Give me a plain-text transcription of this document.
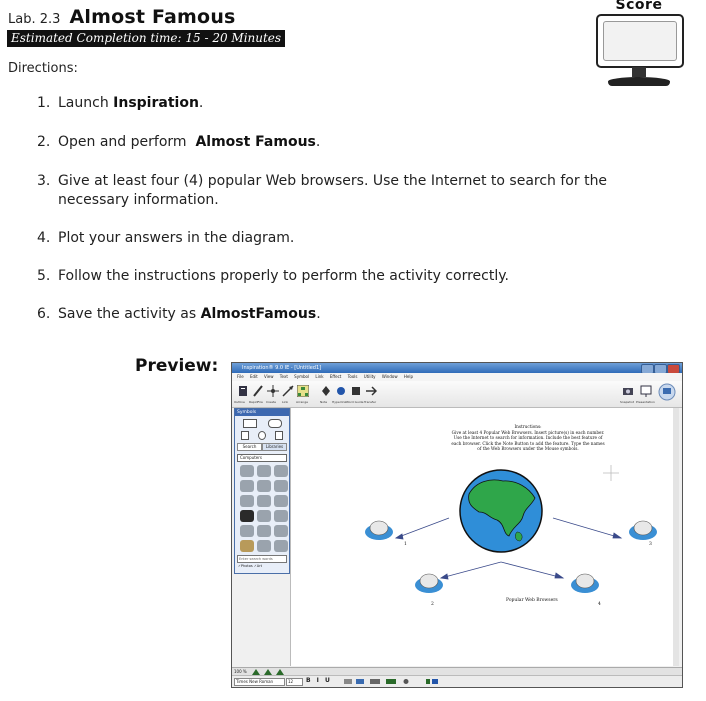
Lab. 2.3 Almost Famous
Estimated Completion time: 15 - 20 Minutes
Directions:
Score
1. Launch Inspiration.
2. Open and perform  Almost Famous.
3. Give at least four (4) popular Web browsers. Use the Internet to search for the
necessary information.
4. Plot your answers in the diagram.
5. Follow the instructions properly to perform the activity correctly.
6. Save the activity as AlmostFamous.
Preview:	Inspiration® 9.0 IE - [Untitled1]
File Edit View Text Symbol Link Effect Tools Utility Window Help
Outline RapidFire Create Link	Arrange	Note Hyperlink Word Guide Transfer	Snapshot Presentation
Symbols
Search	Libraries
Computers
Enter search words
✓Photos ✓Art
Instructions:
Give at least 4 Popular Web Browsers. Insert picture(s) in each number.
Use the Internet to search for information. Include the best feature of
each browser. Click the Note Button to add the feature. Type the names
of the Web Browsers under the Mouse symbols.
Popular Web Browsers
1
2
3
4
100 %
Times New Roman	12	B I U
